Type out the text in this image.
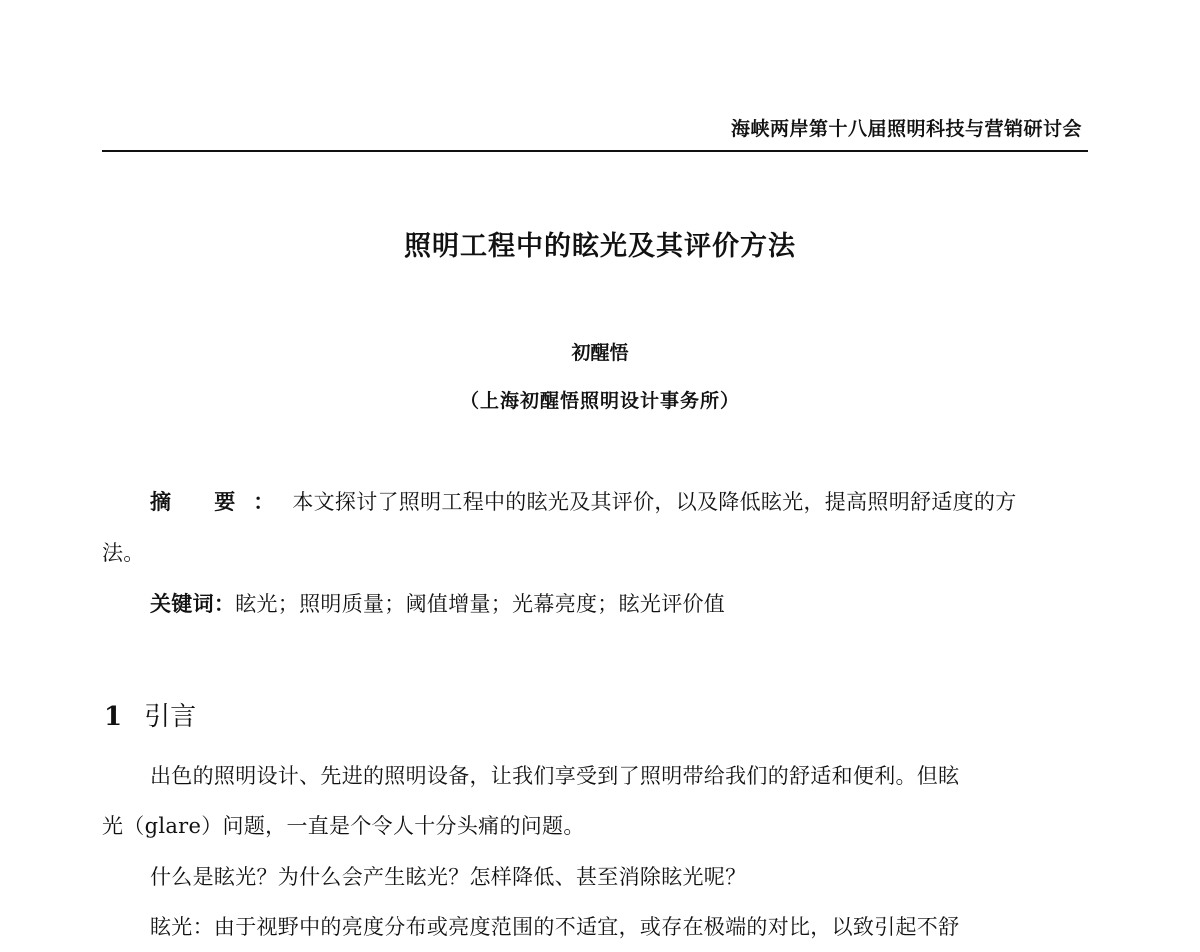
海峡两岸第十八届照明科技与营销研讨会
照明工程中的眩光及其评价方法
初醒悟
（上海初醒悟照明设计事务所）
摘 要：本文探讨了照明工程中的眩光及其评价，以及降低眩光，提高照明舒适度的方
法。
关键词：眩光；照明质量；阈值增量；光幕亮度；眩光评价值
1 引言
出色的照明设计、先进的照明设备，让我们享受到了照明带给我们的舒适和便利。但眩
光（glare）问题，一直是个令人十分头痛的问题。
什么是眩光？为什么会产生眩光？怎样降低、甚至消除眩光呢？
眩光：由于视野中的亮度分布或亮度范围的不适宜，或存在极端的对比，以致引起不舒
